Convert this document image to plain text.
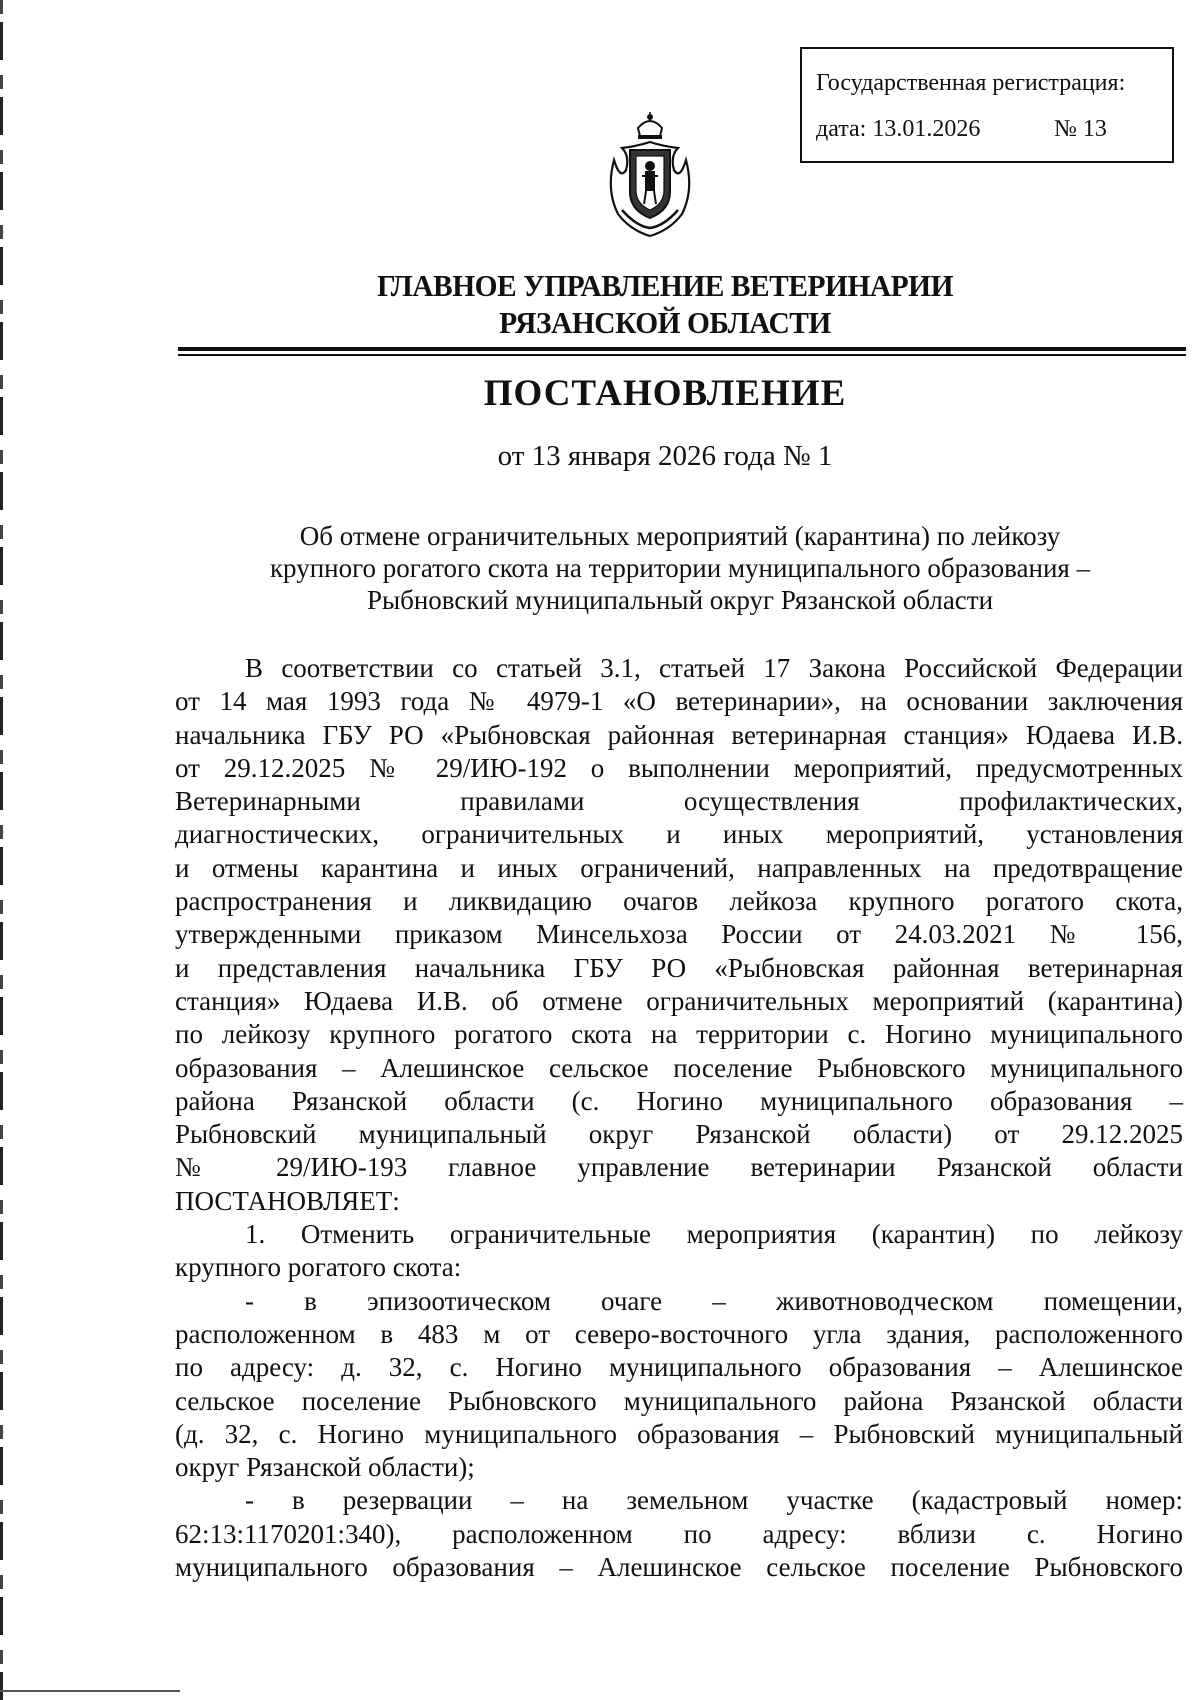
Государственная регистрация:
дата: 13.01.2026	№ 13
ГЛАВНОЕ УПРАВЛЕНИЕ ВЕТЕРИНАРИИ
РЯЗАНСКОЙ ОБЛАСТИ
ПОСТАНОВЛЕНИЕ
от 13 января 2026 года № 1
Об отмене ограничительных мероприятий (карантина) по лейкозу
крупного рогатого скота на территории муниципального образования –
Рыбновский муниципальный округ Рязанской области
В соответствии со статьей 3.1, статьей 17 Закона Российской Федерации
от 14 мая 1993 года № 4979-1 «О ветеринарии», на основании заключения
начальника ГБУ РО «Рыбновская районная ветеринарная станция» Юдаева И.В.
от 29.12.2025 № 29/ИЮ-192 о выполнении мероприятий, предусмотренных
Ветеринарными правилами осуществления профилактических,
диагностических, ограничительных и иных мероприятий, установления
и отмены карантина и иных ограничений, направленных на предотвращение
распространения и ликвидацию очагов лейкоза крупного рогатого скота,
утвержденными приказом Минсельхоза России от 24.03.2021 № 156,
и представления начальника ГБУ РО «Рыбновская районная ветеринарная
станция» Юдаева И.В. об отмене ограничительных мероприятий (карантина)
по лейкозу крупного рогатого скота на территории с. Ногино муниципального
образования – Алешинское сельское поселение Рыбновского муниципального
района Рязанской области (с. Ногино муниципального образования –
Рыбновский муниципальный округ Рязанской области) от 29.12.2025
№ 29/ИЮ-193 главное управление ветеринарии Рязанской области
ПОСТАНОВЛЯЕТ:
1. Отменить ограничительные мероприятия (карантин) по лейкозу
крупного рогатого скота:
- в эпизоотическом очаге – животноводческом помещении,
расположенном в 483 м от северо-восточного угла здания, расположенного
по адресу: д. 32, с. Ногино муниципального образования – Алешинское
сельское поселение Рыбновского муниципального района Рязанской области
(д. 32, с. Ногино муниципального образования – Рыбновский муниципальный
округ Рязанской области);
- в резервации – на земельном участке (кадастровый номер:
62:13:1170201:340), расположенном по адресу: вблизи с. Ногино
муниципального образования – Алешинское сельское поселение Рыбновского
